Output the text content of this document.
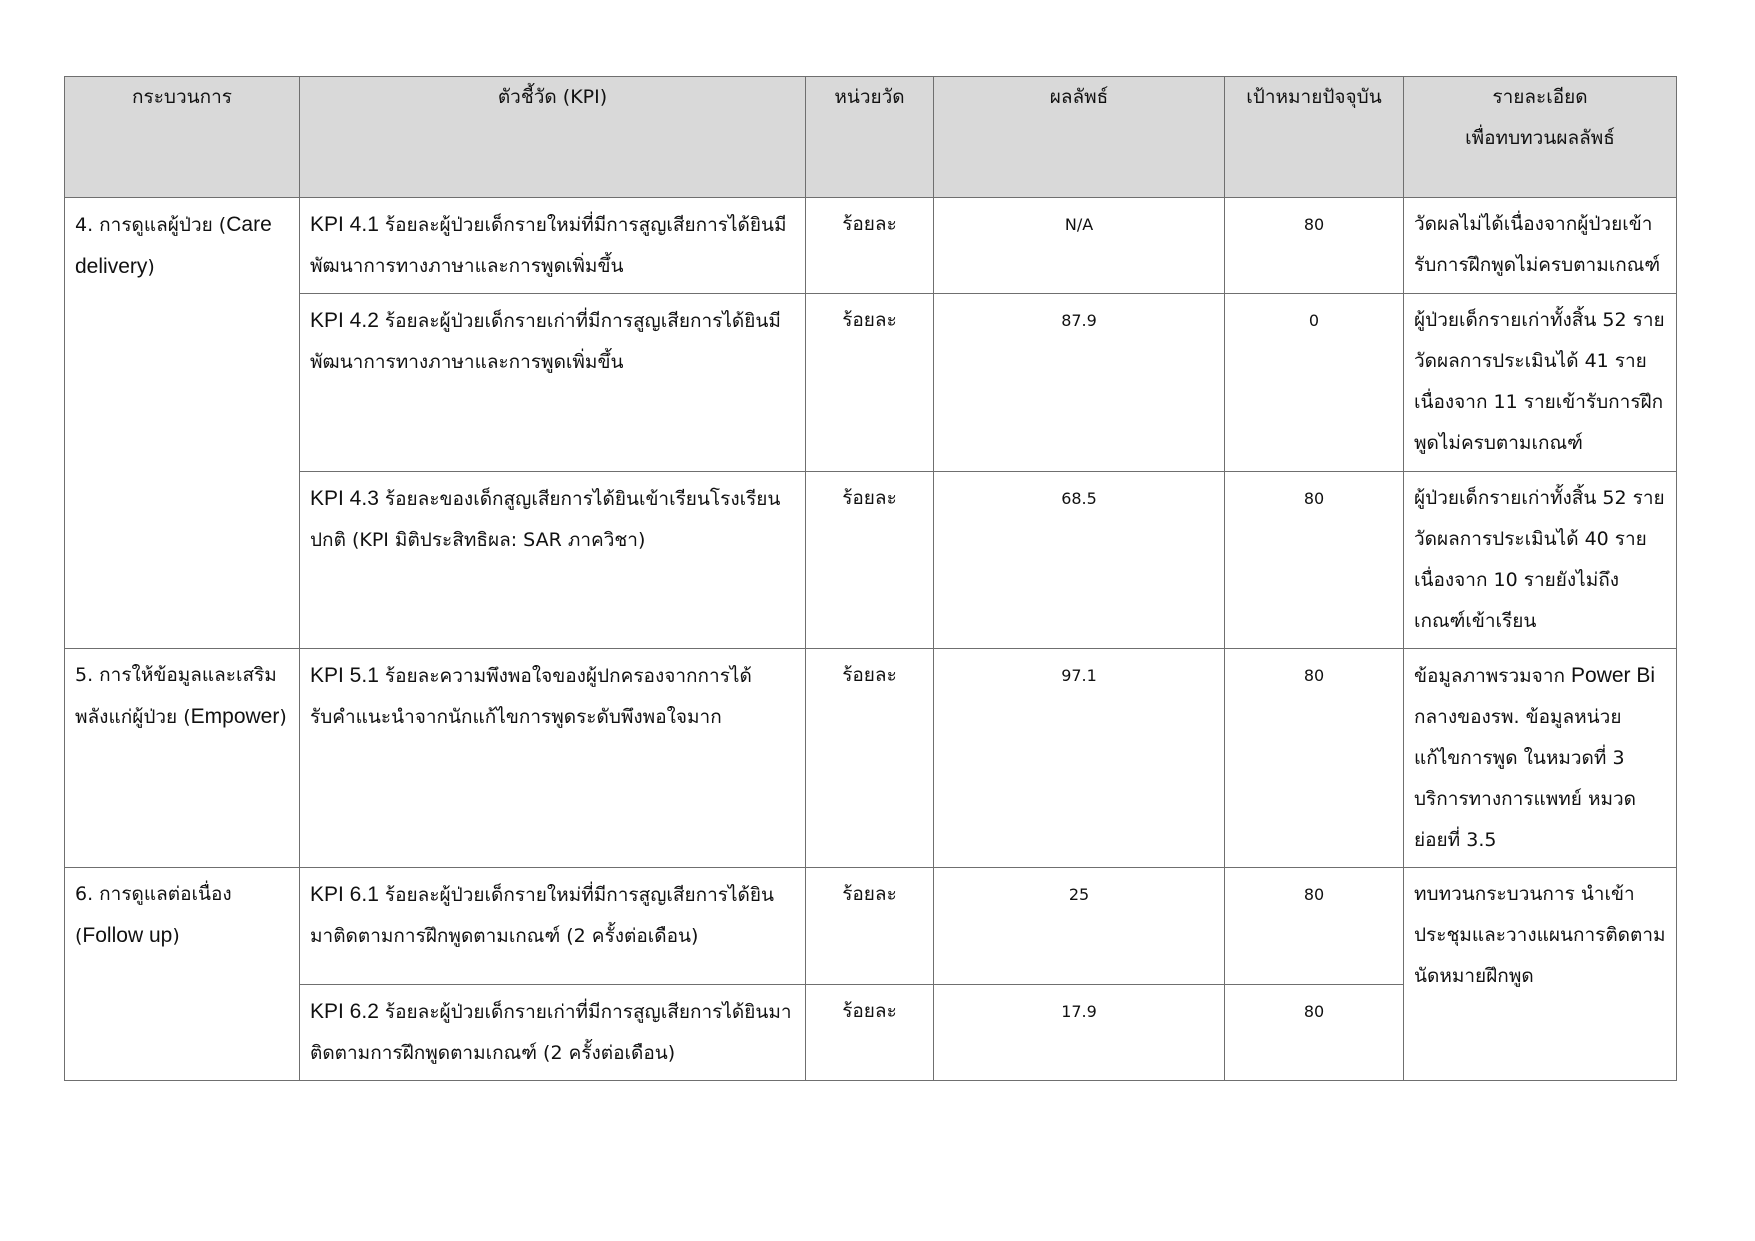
กระบวนการ	ตัวชี้วัด (KPI)	หน่วยวัด	ผลลัพธ์	เป้าหมายปัจจุบัน	รายละเอียด
เพื่อทบทวนผลลัพธ์
4. การดูแลผู้ป่วย (Care delivery)	KPI 4.1 ร้อยละผู้ป่วยเด็กรายใหม่ที่มีการสูญเสียการได้ยินมีพัฒนาการทางภาษาและการพูดเพิ่มขึ้น	ร้อยละ	N/A	80	วัดผลไม่ได้เนื่องจากผู้ป่วยเข้ารับการฝึกพูดไม่ครบตามเกณฑ์
	KPI 4.2 ร้อยละผู้ป่วยเด็กรายเก่าที่มีการสูญเสียการได้ยินมีพัฒนาการทางภาษาและการพูดเพิ่มขึ้น	ร้อยละ	87.9	0	ผู้ป่วยเด็กรายเก่าทั้งสิ้น 52 ราย วัดผลการประเมินได้ 41 ราย เนื่องจาก 11 รายเข้ารับการฝึกพูดไม่ครบตามเกณฑ์
	KPI 4.3 ร้อยละของเด็กสูญเสียการได้ยินเข้าเรียนโรงเรียนปกติ (KPI มิติประสิทธิผล: SAR ภาควิชา)	ร้อยละ	68.5	80	ผู้ป่วยเด็กรายเก่าทั้งสิ้น 52 ราย วัดผลการประเมินได้ 40 ราย เนื่องจาก 10 รายยังไม่ถึงเกณฑ์เข้าเรียน
5. การให้ข้อมูลและเสริมพลังแก่ผู้ป่วย (Empower)	KPI 5.1 ร้อยละความพึงพอใจของผู้ปกครองจากการได้รับคำแนะนำจากนักแก้ไขการพูดระดับพึงพอใจมาก	ร้อยละ	97.1	80	ข้อมูลภาพรวมจาก Power Bi กลางของรพ. ข้อมูลหน่วยแก้ไขการพูด ในหมวดที่ 3 บริการทางการแพทย์ หมวดย่อยที่ 3.5
6. การดูแลต่อเนื่อง (Follow up)	KPI 6.1 ร้อยละผู้ป่วยเด็กรายใหม่ที่มีการสูญเสียการได้ยินมาติดตามการฝึกพูดตามเกณฑ์ (2 ครั้งต่อเดือน)	ร้อยละ	25	80	ทบทวนกระบวนการ นำเข้าประชุมและวางแผนการติดตามนัดหมายฝึกพูด
	KPI 6.2 ร้อยละผู้ป่วยเด็กรายเก่าที่มีการสูญเสียการได้ยินมาติดตามการฝึกพูดตามเกณฑ์ (2 ครั้งต่อเดือน)	ร้อยละ	17.9	80	
